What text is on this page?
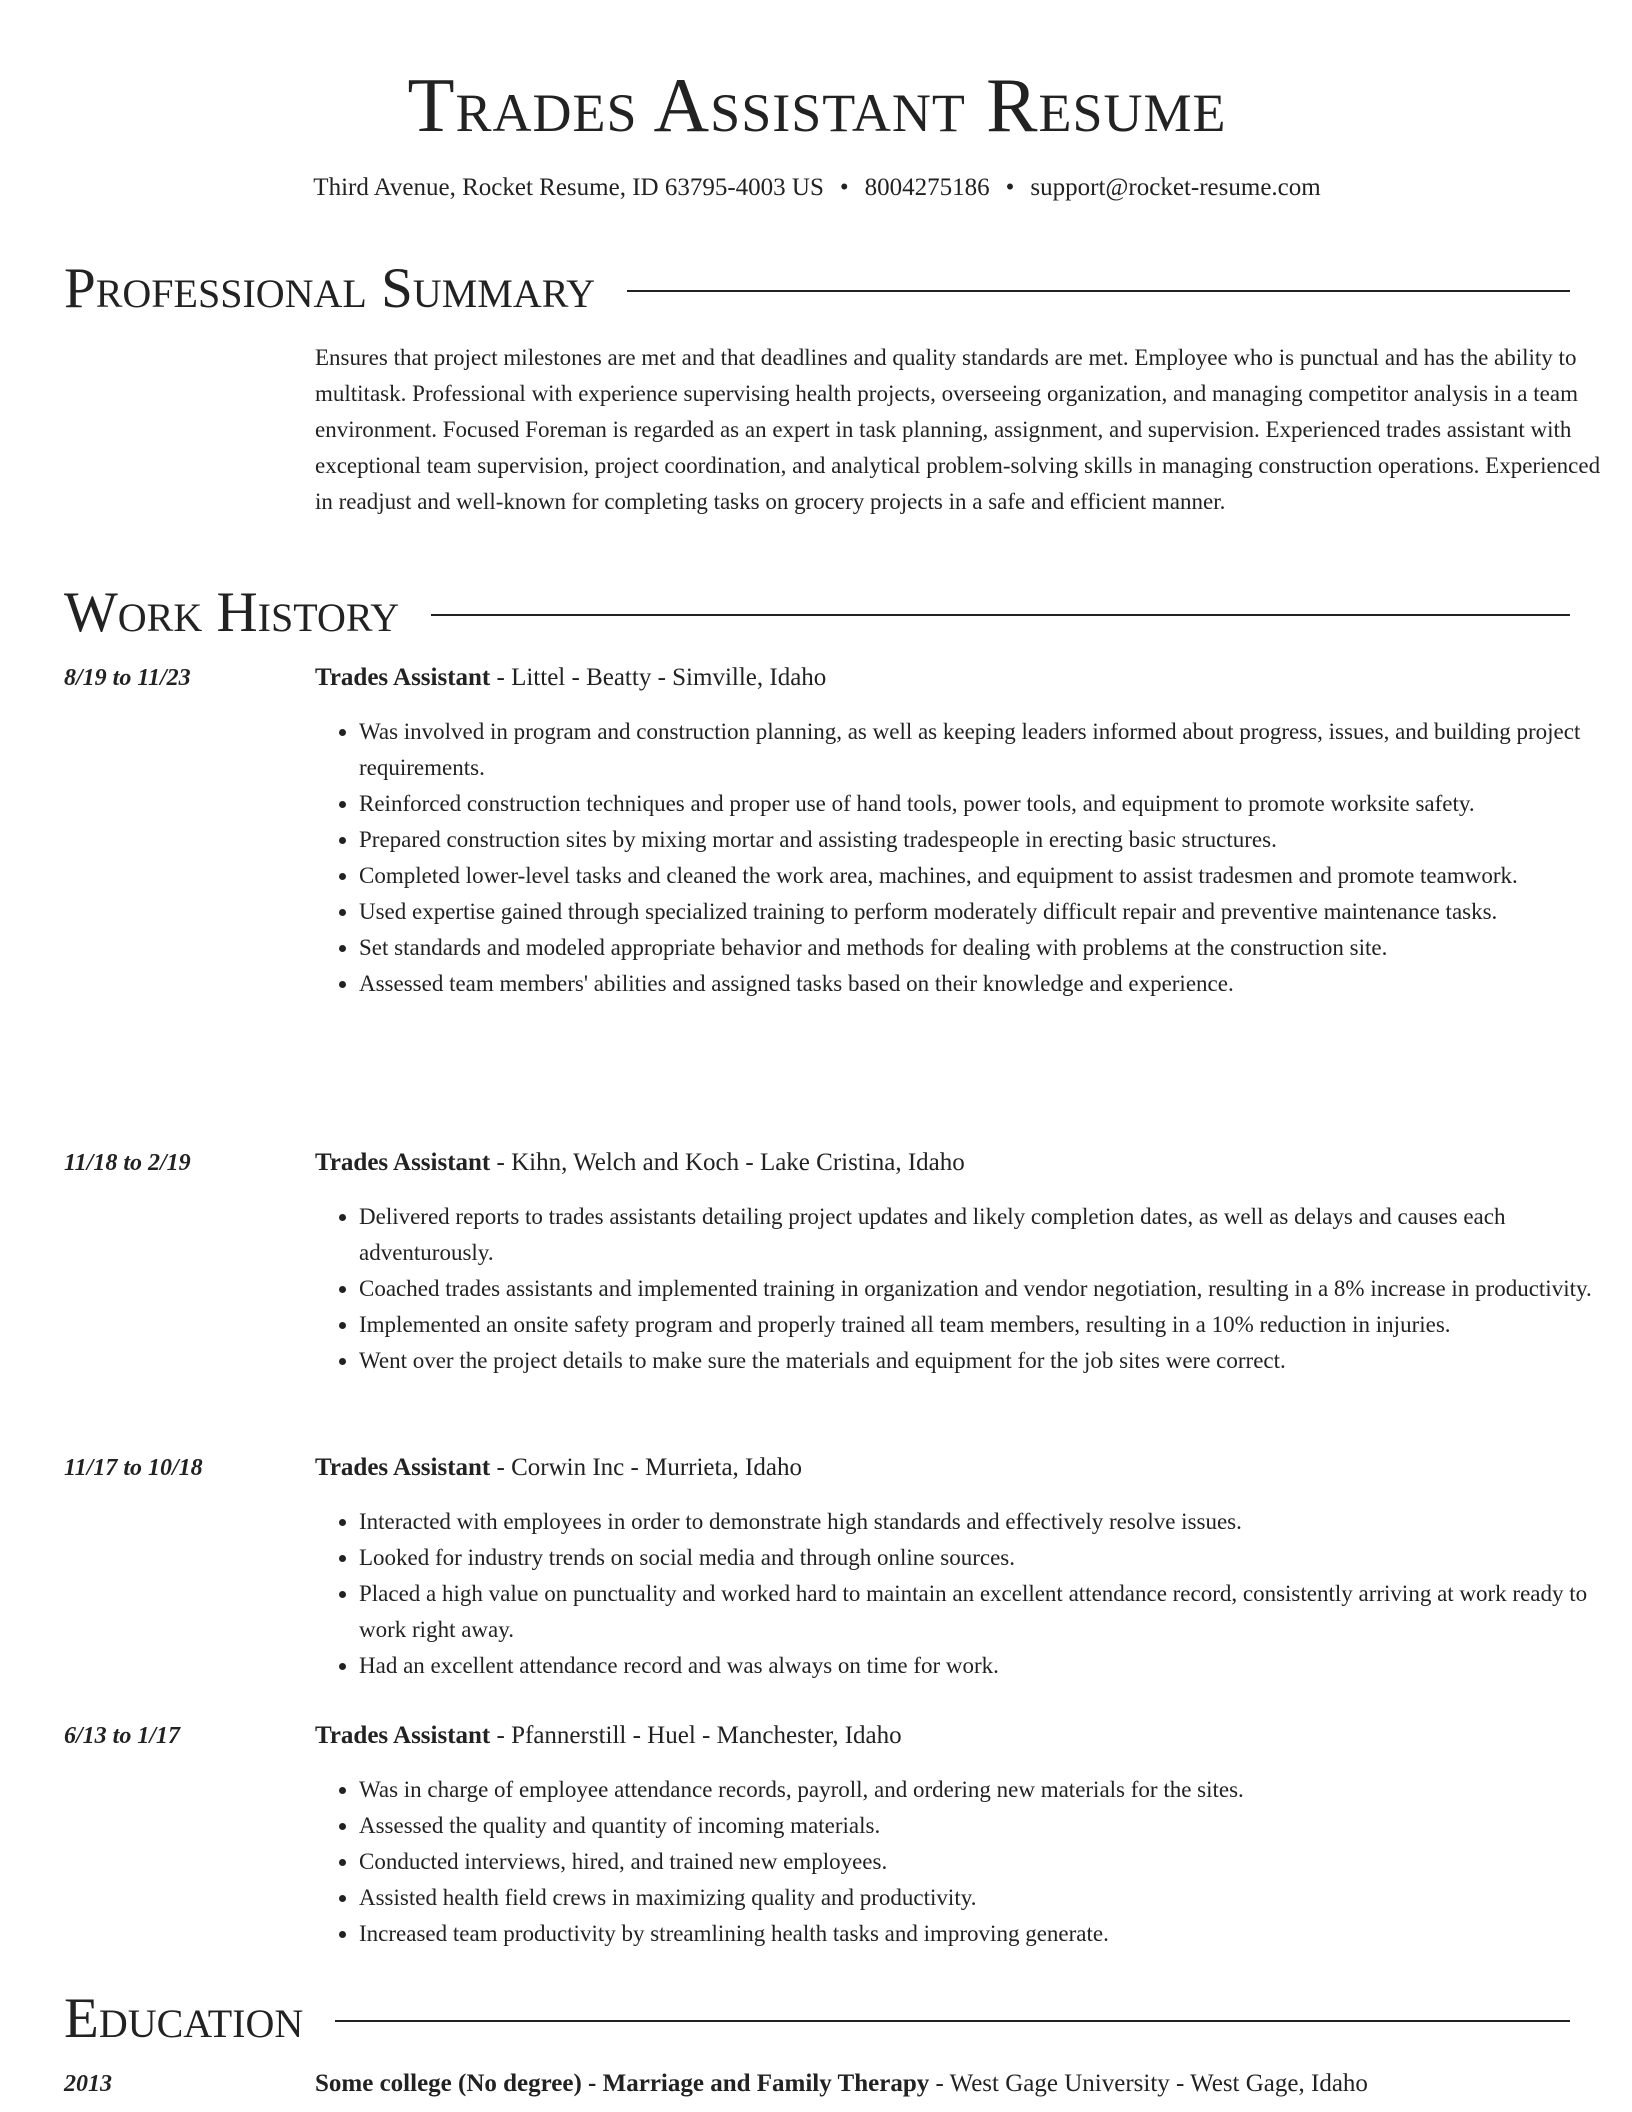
Trades Assistant Resume
Third Avenue, Rocket Resume, ID 63795-4003 US • 8004275186 • support@rocket-resume.com
Professional Summary
Ensures that project milestones are met and that deadlines and quality standards are met. Employee who is punctual and has the ability to multitask. Professional with experience supervising health projects, overseeing organization, and managing competitor analysis in a team environment. Focused Foreman is regarded as an expert in task planning, assignment, and supervision. Experienced trades assistant with exceptional team supervision, project coordination, and analytical problem-solving skills in managing construction operations. Experienced in readjust and well-known for completing tasks on grocery projects in a safe and efficient manner.
Work History
8/19 to 11/23	Trades Assistant - Littel - Beatty - Simville, Idaho
• Was involved in program and construction planning, as well as keeping leaders informed about progress, issues, and building project requirements.
• Reinforced construction techniques and proper use of hand tools, power tools, and equipment to promote worksite safety.
• Prepared construction sites by mixing mortar and assisting tradespeople in erecting basic structures.
• Completed lower-level tasks and cleaned the work area, machines, and equipment to assist tradesmen and promote teamwork.
• Used expertise gained through specialized training to perform moderately difficult repair and preventive maintenance tasks.
• Set standards and modeled appropriate behavior and methods for dealing with problems at the construction site.
• Assessed team members' abilities and assigned tasks based on their knowledge and experience.
11/18 to 2/19	Trades Assistant - Kihn, Welch and Koch - Lake Cristina, Idaho
• Delivered reports to trades assistants detailing project updates and likely completion dates, as well as delays and causes each adventurously.
• Coached trades assistants and implemented training in organization and vendor negotiation, resulting in a 8% increase in productivity.
• Implemented an onsite safety program and properly trained all team members, resulting in a 10% reduction in injuries.
• Went over the project details to make sure the materials and equipment for the job sites were correct.
11/17 to 10/18	Trades Assistant - Corwin Inc - Murrieta, Idaho
• Interacted with employees in order to demonstrate high standards and effectively resolve issues.
• Looked for industry trends on social media and through online sources.
• Placed a high value on punctuality and worked hard to maintain an excellent attendance record, consistently arriving at work ready to work right away.
• Had an excellent attendance record and was always on time for work.
6/13 to 1/17	Trades Assistant - Pfannerstill - Huel - Manchester, Idaho
• Was in charge of employee attendance records, payroll, and ordering new materials for the sites.
• Assessed the quality and quantity of incoming materials.
• Conducted interviews, hired, and trained new employees.
• Assisted health field crews in maximizing quality and productivity.
• Increased team productivity by streamlining health tasks and improving generate.
Education
2013	Some college (No degree) - Marriage and Family Therapy - West Gage University - West Gage, Idaho
